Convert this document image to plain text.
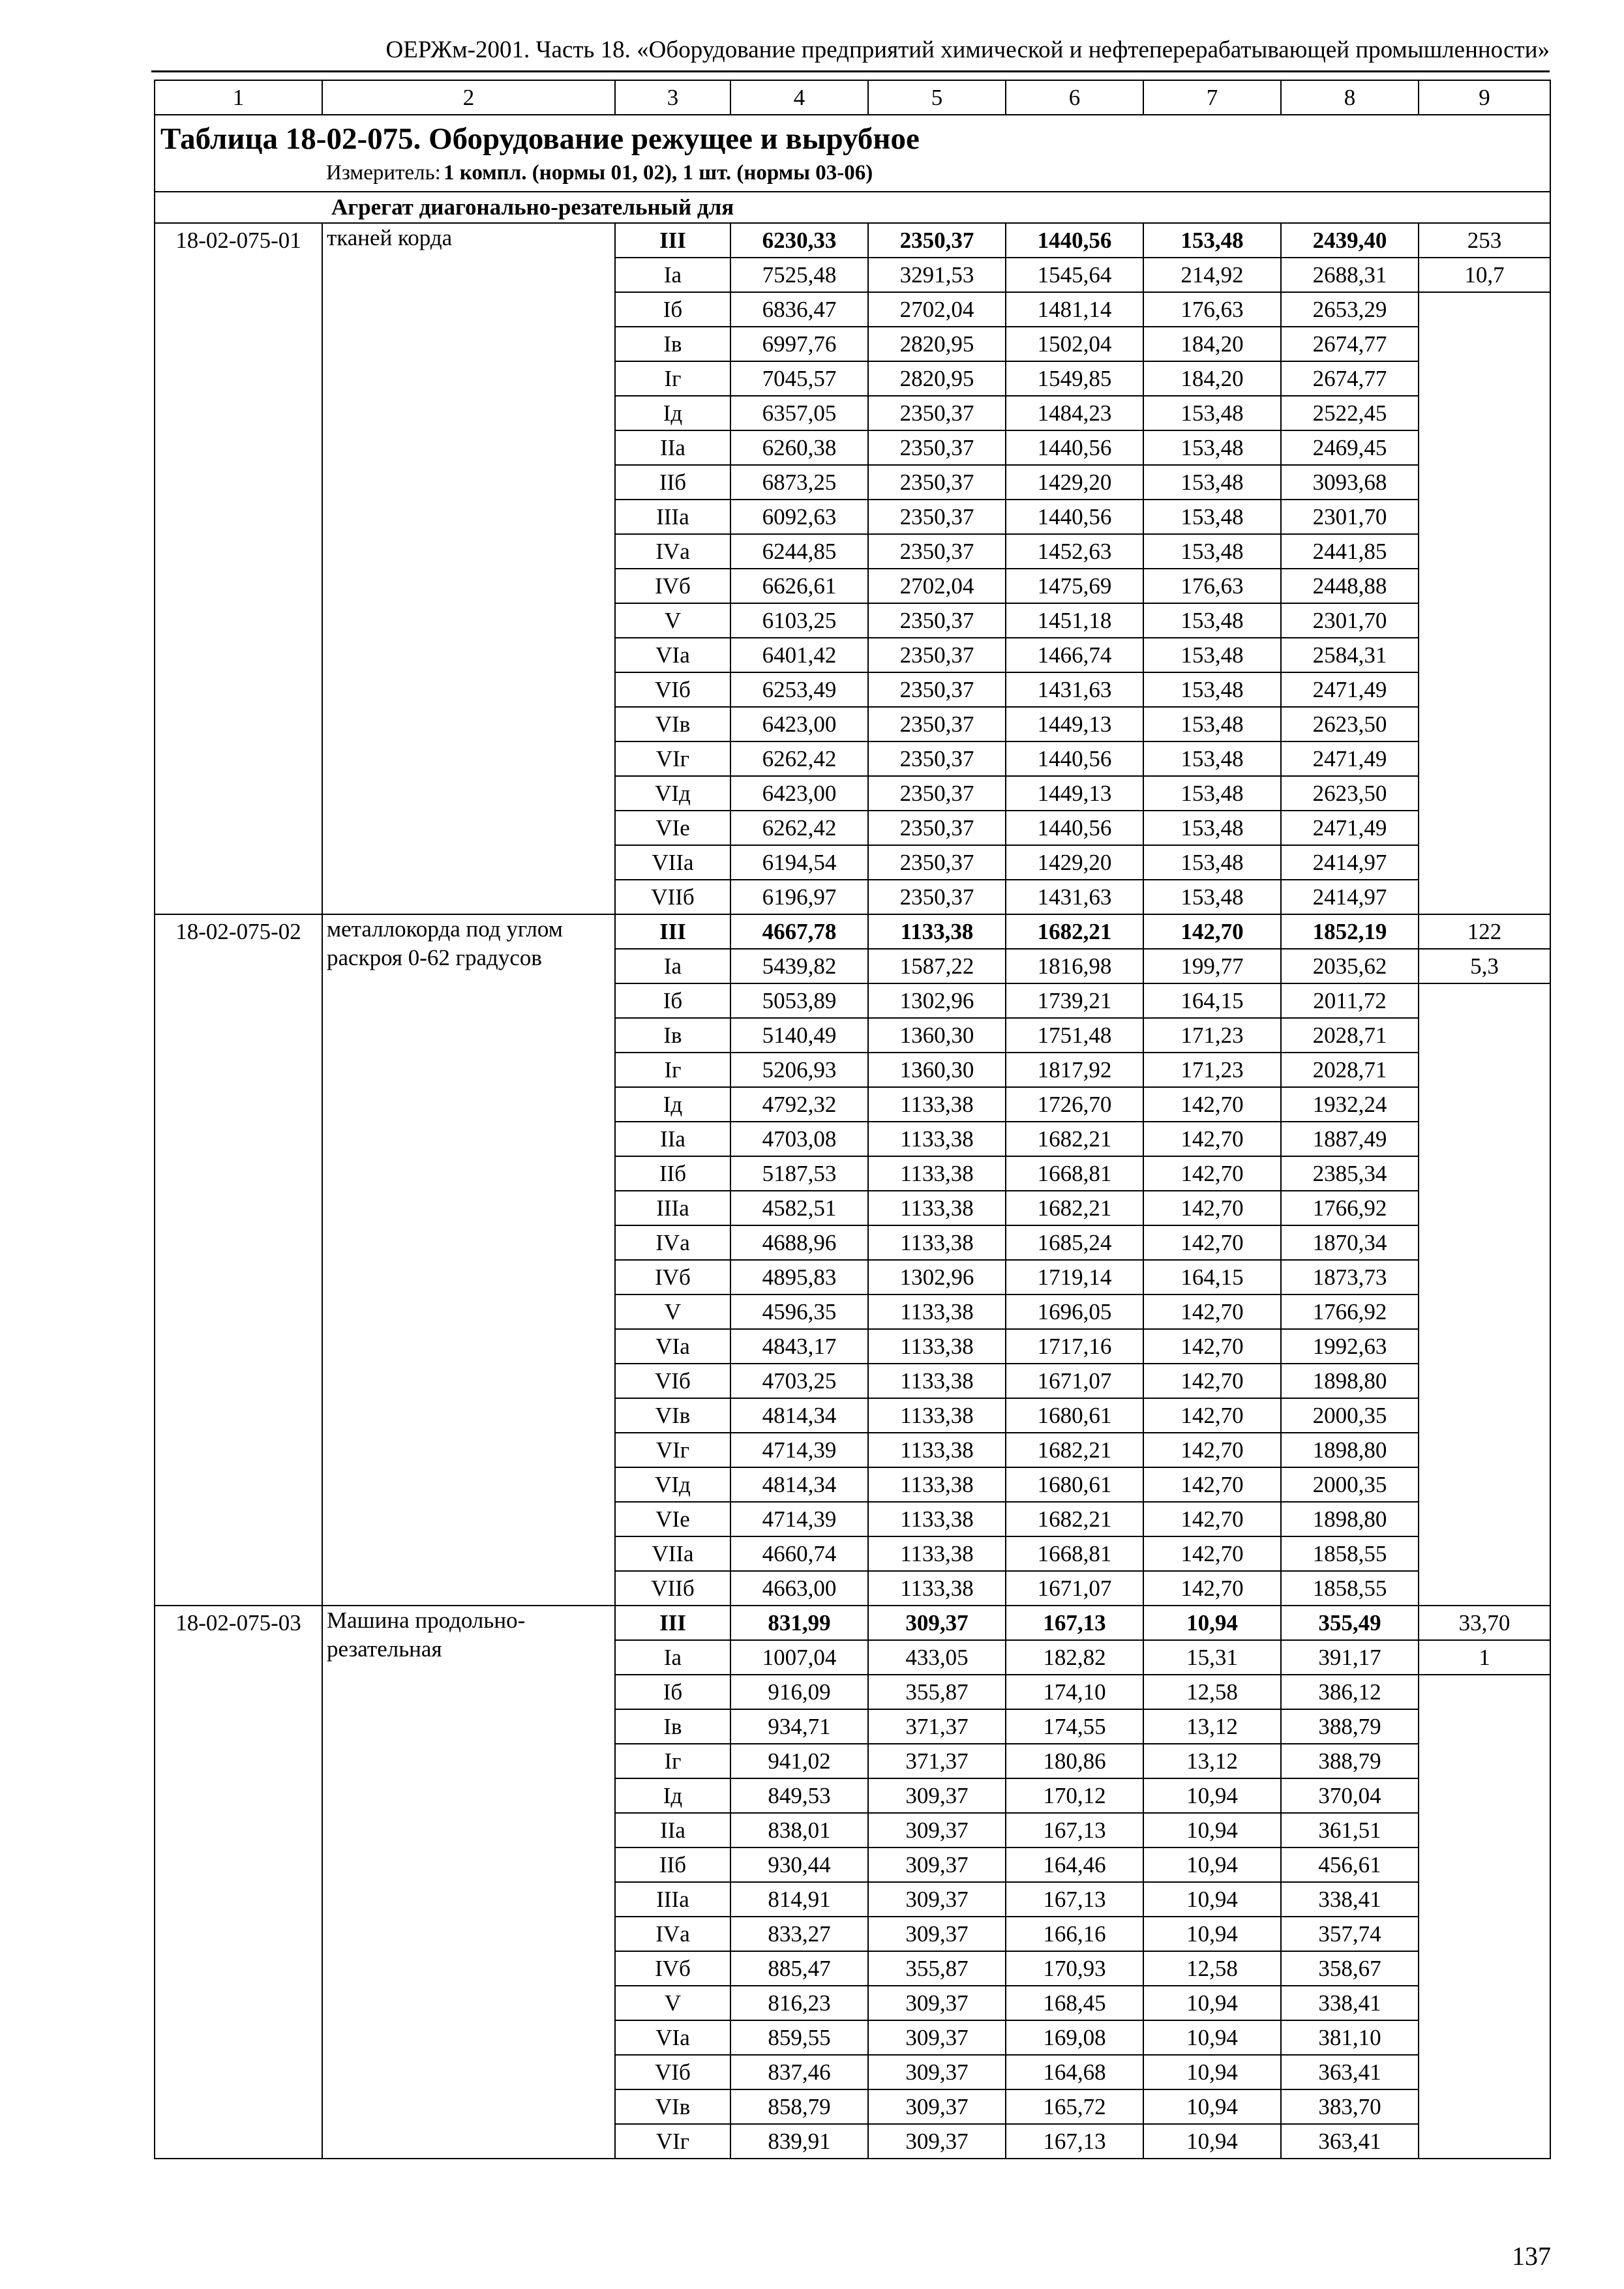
ОЕРЖм-2001. Часть 18. «Оборудование предприятий химической и нефтеперерабатывающей промышленности»
1	2	3	4	5	6	7	8	9

Таблица 18-02-075. Оборудование режущее и вырубное
Измеритель: 1 компл. (нормы 01, 02), 1 шт. (нормы 03-06)								

Агрегат диагонально-резательный для								
18-02-075-01	тканей корда	III	6230,33	2350,37	1440,56	153,48	2439,40	253
		Iа	7525,48	3291,53	1545,64	214,92	2688,31	10,7
		Iб	6836,47	2702,04	1481,14	176,63	2653,29	
		Iв	6997,76	2820,95	1502,04	184,20	2674,77	
		Iг	7045,57	2820,95	1549,85	184,20	2674,77	
		Iд	6357,05	2350,37	1484,23	153,48	2522,45	
		IIа	6260,38	2350,37	1440,56	153,48	2469,45	
		IIб	6873,25	2350,37	1429,20	153,48	3093,68	
		IIIа	6092,63	2350,37	1440,56	153,48	2301,70	
		IVа	6244,85	2350,37	1452,63	153,48	2441,85	
		IVб	6626,61	2702,04	1475,69	176,63	2448,88	
		V	6103,25	2350,37	1451,18	153,48	2301,70	
		VIа	6401,42	2350,37	1466,74	153,48	2584,31	
		VIб	6253,49	2350,37	1431,63	153,48	2471,49	
		VIв	6423,00	2350,37	1449,13	153,48	2623,50	
		VIг	6262,42	2350,37	1440,56	153,48	2471,49	
		VIд	6423,00	2350,37	1449,13	153,48	2623,50	
		VIе	6262,42	2350,37	1440,56	153,48	2471,49	
		VIIа	6194,54	2350,37	1429,20	153,48	2414,97	
		VIIб	6196,97	2350,37	1431,63	153,48	2414,97	
18-02-075-02	металлокорда под углом раскроя 0-62 градусов	III	4667,78	1133,38	1682,21	142,70	1852,19	122
		Iа	5439,82	1587,22	1816,98	199,77	2035,62	5,3
		Iб	5053,89	1302,96	1739,21	164,15	2011,72	
		Iв	5140,49	1360,30	1751,48	171,23	2028,71	
		Iг	5206,93	1360,30	1817,92	171,23	2028,71	
		Iд	4792,32	1133,38	1726,70	142,70	1932,24	
		IIа	4703,08	1133,38	1682,21	142,70	1887,49	
		IIб	5187,53	1133,38	1668,81	142,70	2385,34	
		IIIа	4582,51	1133,38	1682,21	142,70	1766,92	
		IVа	4688,96	1133,38	1685,24	142,70	1870,34	
		IVб	4895,83	1302,96	1719,14	164,15	1873,73	
		V	4596,35	1133,38	1696,05	142,70	1766,92	
		VIа	4843,17	1133,38	1717,16	142,70	1992,63	
		VIб	4703,25	1133,38	1671,07	142,70	1898,80	
		VIв	4814,34	1133,38	1680,61	142,70	2000,35	
		VIг	4714,39	1133,38	1682,21	142,70	1898,80	
		VIд	4814,34	1133,38	1680,61	142,70	2000,35	
		VIе	4714,39	1133,38	1682,21	142,70	1898,80	
		VIIа	4660,74	1133,38	1668,81	142,70	1858,55	
		VIIб	4663,00	1133,38	1671,07	142,70	1858,55	
18-02-075-03	Машина продольно-резательная	III	831,99	309,37	167,13	10,94	355,49	33,70
		Iа	1007,04	433,05	182,82	15,31	391,17	1
		Iб	916,09	355,87	174,10	12,58	386,12	
		Iв	934,71	371,37	174,55	13,12	388,79	
		Iг	941,02	371,37	180,86	13,12	388,79	
		Iд	849,53	309,37	170,12	10,94	370,04	
		IIа	838,01	309,37	167,13	10,94	361,51	
		IIб	930,44	309,37	164,46	10,94	456,61	
		IIIа	814,91	309,37	167,13	10,94	338,41	
		IVа	833,27	309,37	166,16	10,94	357,74	
		IVб	885,47	355,87	170,93	12,58	358,67	
		V	816,23	309,37	168,45	10,94	338,41	
		VIа	859,55	309,37	169,08	10,94	381,10	
		VIб	837,46	309,37	164,68	10,94	363,41	
		VIв	858,79	309,37	165,72	10,94	383,70	
		VIг	839,91	309,37	167,13	10,94	363,41	
137
